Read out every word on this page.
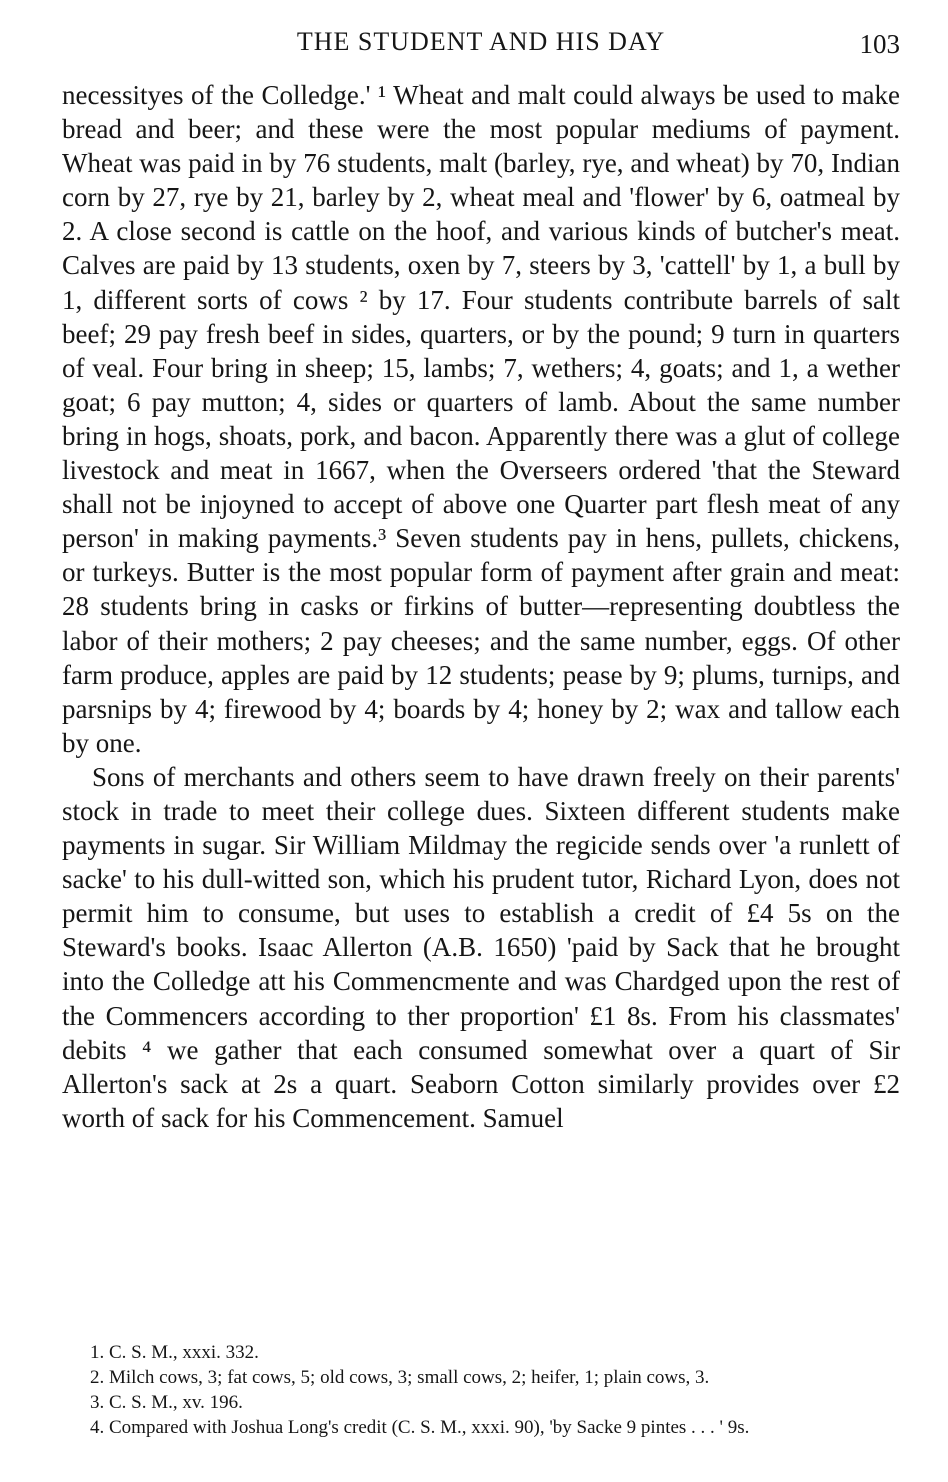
THE STUDENT AND HIS DAY	103

necessityes of the Colledge.' ¹ Wheat and malt could always be used to make bread and beer; and these were the most popular mediums of payment. Wheat was paid in by 76 students, malt (barley, rye, and wheat) by 70, Indian corn by 27, rye by 21, barley by 2, wheat meal and 'flower' by 6, oatmeal by 2. A close second is cattle on the hoof, and various kinds of butcher's meat. Calves are paid by 13 students, oxen by 7, steers by 3, 'cattell' by 1, a bull by 1, different sorts of cows ² by 17. Four students contribute barrels of salt beef; 29 pay fresh beef in sides, quarters, or by the pound; 9 turn in quarters of veal. Four bring in sheep; 15, lambs; 7, wethers; 4, goats; and 1, a wether goat; 6 pay mutton; 4, sides or quarters of lamb. About the same number bring in hogs, shoats, pork, and bacon. Apparently there was a glut of college livestock and meat in 1667, when the Overseers ordered 'that the Steward shall not be injoyned to accept of above one Quarter part flesh meat of any person' in making payments.³ Seven students pay in hens, pullets, chickens, or turkeys. Butter is the most popular form of payment after grain and meat: 28 students bring in casks or firkins of butter—representing doubtless the labor of their mothers; 2 pay cheeses; and the same number, eggs. Of other farm produce, apples are paid by 12 students; pease by 9; plums, turnips, and parsnips by 4; firewood by 4; boards by 4; honey by 2; wax and tallow each by one.

Sons of merchants and others seem to have drawn freely on their parents' stock in trade to meet their college dues. Sixteen different students make payments in sugar. Sir William Mildmay the regicide sends over 'a runlett of sacke' to his dull-witted son, which his prudent tutor, Richard Lyon, does not permit him to consume, but uses to establish a credit of £4 5s on the Steward's books. Isaac Allerton (A.B. 1650) 'paid by Sack that he brought into the Colledge att his Commencmente and was Chardged upon the rest of the Commencers according to ther proportion' £1 8s. From his classmates' debits ⁴ we gather that each consumed somewhat over a quart of Sir Allerton's sack at 2s a quart. Seaborn Cotton similarly provides over £2 worth of sack for his Commencement. Samuel

1. C. S. M., xxxi. 332.

2. Milch cows, 3; fat cows, 5; old cows, 3; small cows, 2; heifer, 1; plain cows, 3.

3. C. S. M., xv. 196.

4. Compared with Joshua Long's credit (C. S. M., xxxi. 90), 'by Sacke 9 pintes . . . ' 9s.
